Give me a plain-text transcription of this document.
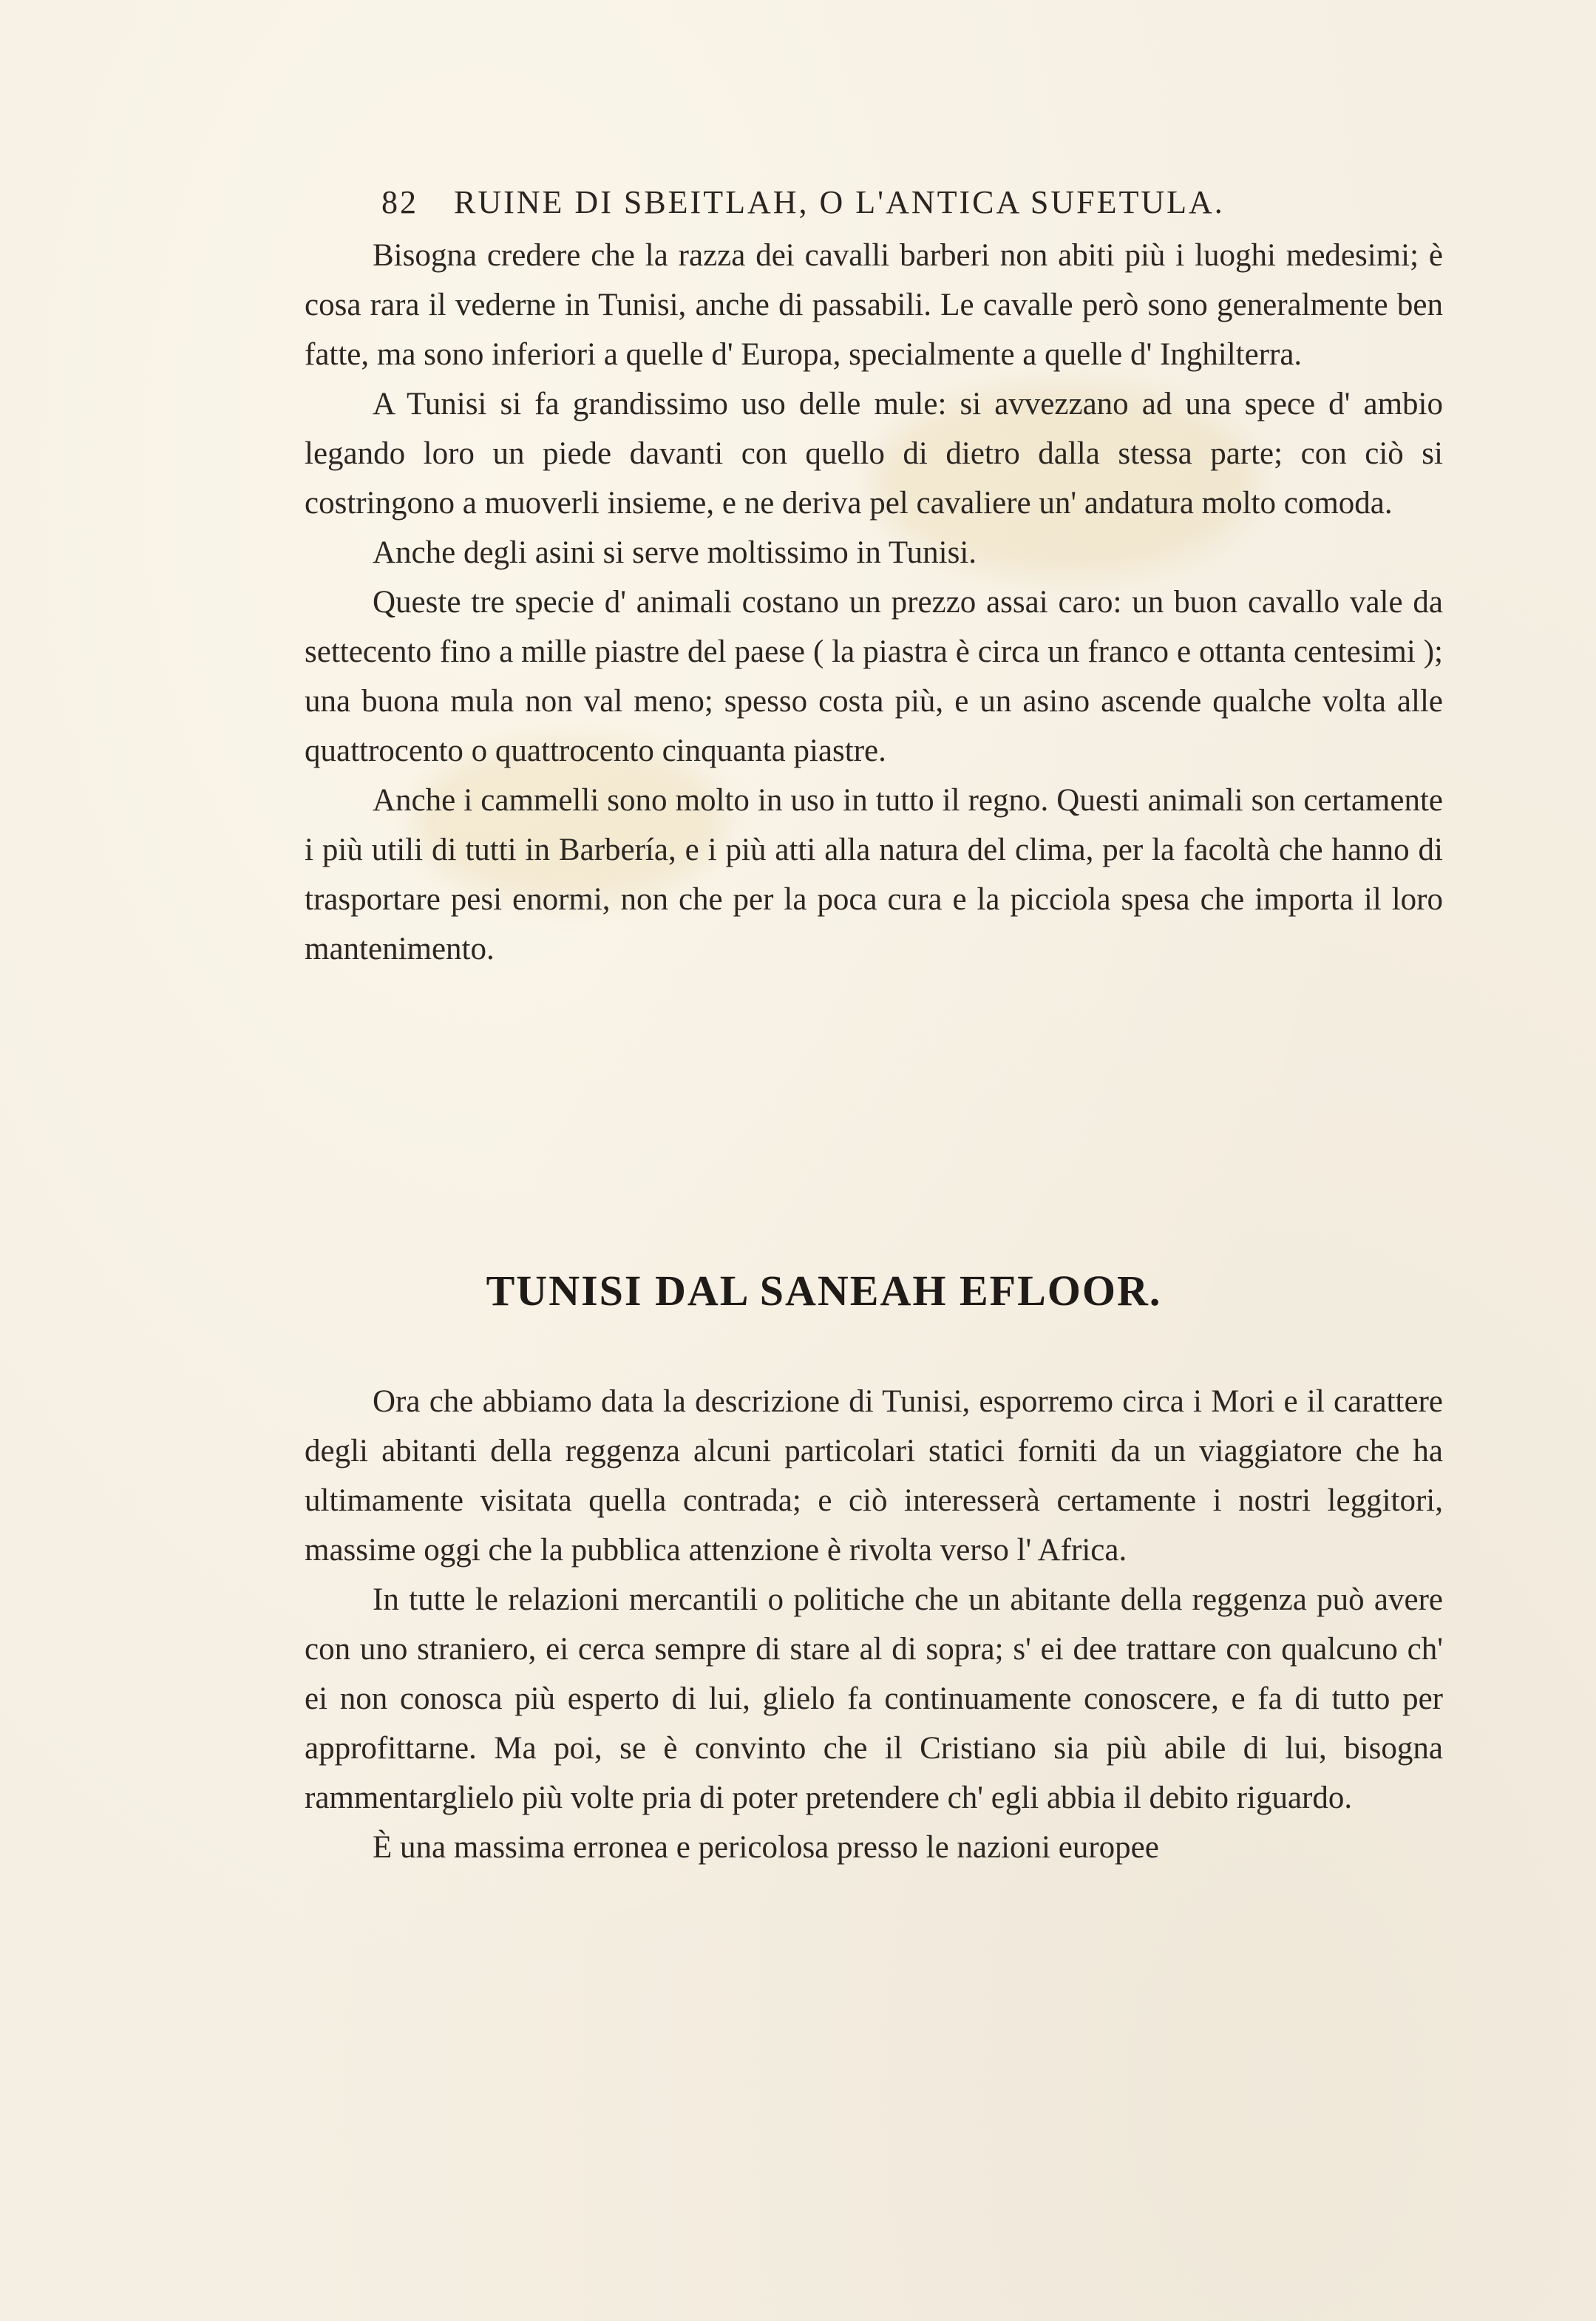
82 RUINE DI SBEITLAH, O L'ANTICA SUFETULA.

Bisogna credere che la razza dei cavalli barberi non abiti più i luoghi medesimi; è cosa rara il vederne in Tunisi, anche di passabili. Le cavalle però sono generalmente ben fatte, ma sono inferiori a quelle d' Europa, specialmente a quelle d' Inghilterra.

A Tunisi si fa grandissimo uso delle mule: si avvezzano ad una spece d' ambio legando loro un piede davanti con quello di dietro dalla stessa parte; con ciò si costringono a muoverli insieme, e ne deriva pel cavaliere un' andatura molto comoda.

Anche degli asini si serve moltissimo in Tunisi.

Queste tre specie d' animali costano un prezzo assai caro: un buon cavallo vale da settecento fino a mille piastre del paese ( la piastra è circa un franco e ottanta centesimi ); una buona mula non val meno; spesso costa più, e un asino ascende qualche volta alle quattrocento o quattrocento cinquanta piastre.

Anche i cammelli sono molto in uso in tutto il regno. Questi animali son certamente i più utili di tutti in Barbería, e i più atti alla natura del clima, per la facoltà che hanno di trasportare pesi enormi, non che per la poca cura e la picciola spesa che importa il loro mantenimento.

TUNISI DAL SANEAH EFLOOR.

Ora che abbiamo data la descrizione di Tunisi, esporremo circa i Mori e il carattere degli abitanti della reggenza alcuni particolari statici forniti da un viaggiatore che ha ultimamente visitata quella contrada; e ciò interesserà certamente i nostri leggitori, massime oggi che la pubblica attenzione è rivolta verso l' Africa.

In tutte le relazioni mercantili o politiche che un abitante della reggenza può avere con uno straniero, ei cerca sempre di stare al di sopra; s' ei dee trattare con qualcuno ch' ei non conosca più esperto di lui, glielo fa continuamente conoscere, e fa di tutto per approfittarne. Ma poi, se è convinto che il Cristiano sia più abile di lui, bisogna rammentarglielo più volte pria di poter pretendere ch' egli abbia il debito riguardo.

È una massima erronea e pericolosa presso le nazioni europee
